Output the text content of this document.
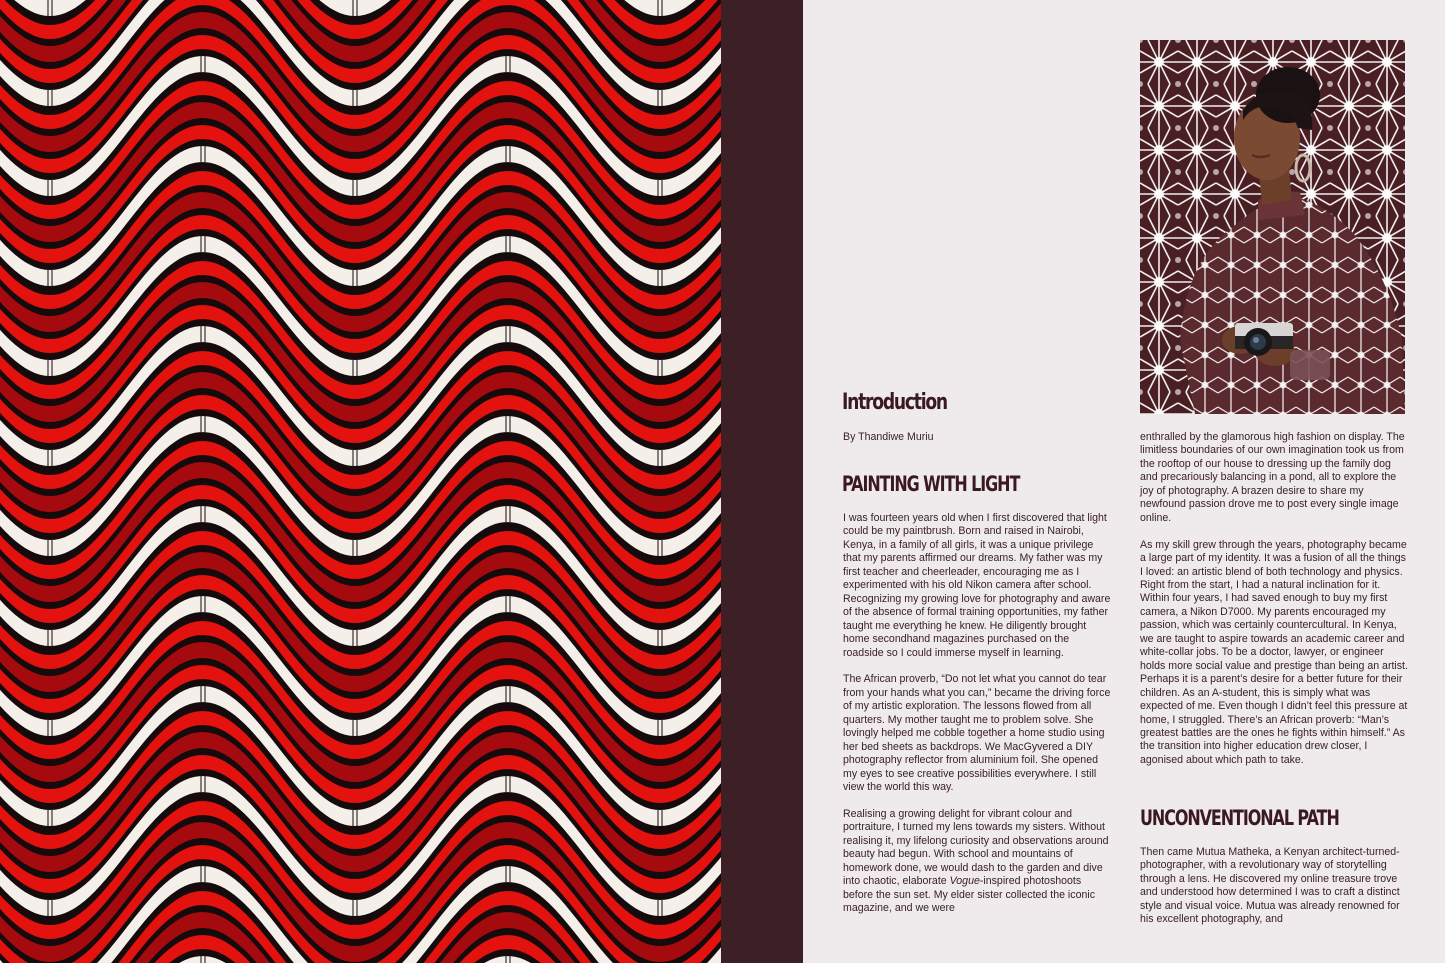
Introduction
By Thandiwe Muriu
PAINTING WITH LIGHT

I was fourteen years old when I first discovered that light could be my paintbrush. Born and raised in Nairobi, Kenya, in a family of all girls, it was a unique privilege that my parents affirmed our dreams. My father was my first teacher and cheerleader, encouraging me as I experimented with his old Nikon camera after school. Recognizing my growing love for photography and aware of the absence of formal training opportunities, my father taught me everything he knew. He diligently brought home secondhand magazines purchased on the roadside so I could immerse myself in learning.

The African proverb, “Do not let what you cannot do tear from your hands what you can,” became the driving force of my artistic exploration. The lessons flowed from all quarters. My mother taught me to problem solve. She lovingly helped me cobble together a home studio using her bed sheets as backdrops. We MacGyvered a DIY photography reflector from aluminium foil. She opened my eyes to see creative possibilities everywhere. I still view the world this way.

Realising a growing delight for vibrant colour and portraiture, I turned my lens towards my sisters. Without realising it, my lifelong curiosity and observations around beauty had begun. With school and mountains of homework done, we would dash to the garden and dive into chaotic, elaborate Vogue-inspired photoshoots before the sun set. My elder sister collected the iconic magazine, and we were

enthralled by the glamorous high fashion on display. The limitless boundaries of our own imagination took us from the rooftop of our house to dressing up the family dog and precariously balancing in a pond, all to explore the joy of photography. A brazen desire to share my newfound passion drove me to post every single image online.

As my skill grew through the years, photography became a large part of my identity. It was a fusion of all the things I loved: an artistic blend of both technology and physics. Right from the start, I had a natural inclination for it. Within four years, I had saved enough to buy my first camera, a Nikon D7000. My parents encouraged my passion, which was certainly countercultural. In Kenya, we are taught to aspire towards an academic career and white-collar jobs. To be a doctor, lawyer, or engineer holds more social value and prestige than being an artist. Perhaps it is a parent’s desire for a better future for their children. As an A-student, this is simply what was expected of me. Even though I didn’t feel this pressure at home, I struggled. There’s an African proverb: “Man’s greatest battles are the ones he fights within himself.” As the transition into higher education drew closer, I agonised about which path to take.

UNCONVENTIONAL PATH

Then came Mutua Matheka, a Kenyan architect-turned-photographer, with a revolutionary way of storytelling through a lens. He discovered my online treasure trove and understood how determined I was to craft a distinct style and visual voice. Mutua was already renowned for his excellent photography, and
